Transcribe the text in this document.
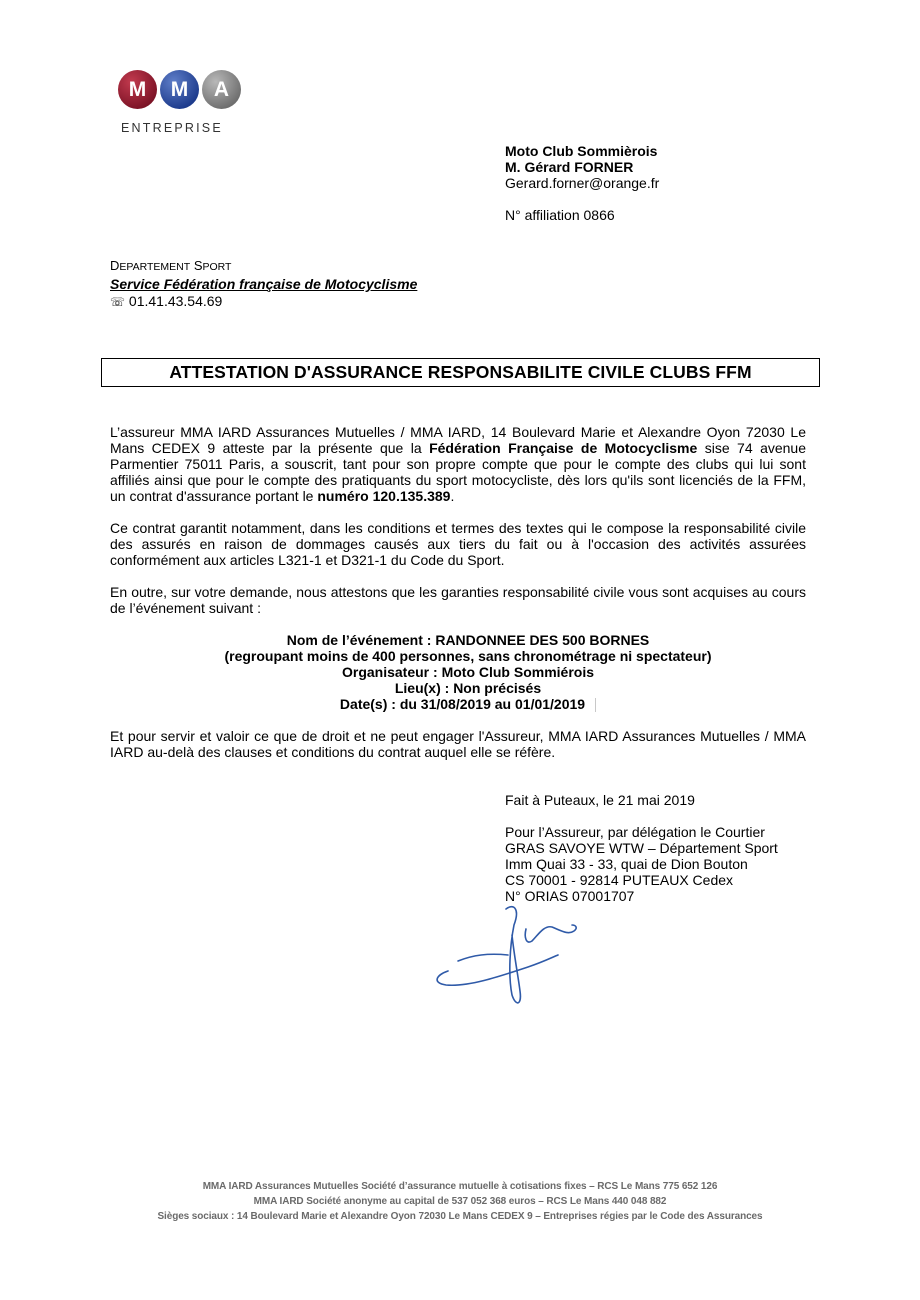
M	M	A
ENTREPRISE
Moto Club Sommièrois
M. Gérard FORNER
Gerard.forner@orange.fr
N° affiliation 0866
DEPARTEMENT SPORT
Service Fédération française de Motocyclisme
☏ 01.41.43.54.69
ATTESTATION D'ASSURANCE RESPONSABILITE CIVILE CLUBS FFM
L’assureur MMA IARD Assurances Mutuelles / MMA IARD, 14 Boulevard Marie et Alexandre Oyon 72030 Le Mans CEDEX 9 atteste par la présente que la Fédération Française de Motocyclisme sise 74 avenue Parmentier 75011 Paris, a souscrit, tant pour son propre compte que pour le compte des clubs qui lui sont affiliés ainsi que pour le compte des pratiquants du sport motocycliste, dès lors qu'ils sont licenciés de la FFM, un contrat d'assurance portant le numéro 120.135.389.
Ce contrat garantit notamment, dans les conditions et termes des textes qui le compose la responsabilité civile des assurés en raison de dommages causés aux tiers du fait ou à l'occasion des activités assurées conformément aux articles L321-1 et D321-1 du Code du Sport.
En outre, sur votre demande, nous attestons que les garanties responsabilité civile vous sont acquises au cours de l’événement suivant :
Nom de l’événement : RANDONNEE DES 500 BORNES
(regroupant moins de 400 personnes, sans chronométrage ni spectateur)
Organisateur : Moto Club Sommiérois
Lieu(x) : Non précisés
Date(s) : du 31/08/2019 au 01/01/2019
Et pour servir et valoir ce que de droit et ne peut engager l'Assureur, MMA IARD Assurances Mutuelles / MMA IARD au-delà des clauses et conditions du contrat auquel elle se réfère.
Fait à Puteaux, le 21 mai 2019
Pour l’Assureur, par délégation le Courtier
GRAS SAVOYE WTW – Département Sport
Imm Quai 33 - 33, quai de Dion Bouton
CS 70001 - 92814 PUTEAUX Cedex
N° ORIAS 07001707
MMA IARD Assurances Mutuelles Société d’assurance mutuelle à cotisations fixes – RCS Le Mans 775 652 126
MMA IARD Société anonyme au capital de 537 052 368 euros – RCS Le Mans 440 048 882
Sièges sociaux : 14 Boulevard Marie et Alexandre Oyon 72030 Le Mans CEDEX 9 – Entreprises régies par le Code des Assurances
